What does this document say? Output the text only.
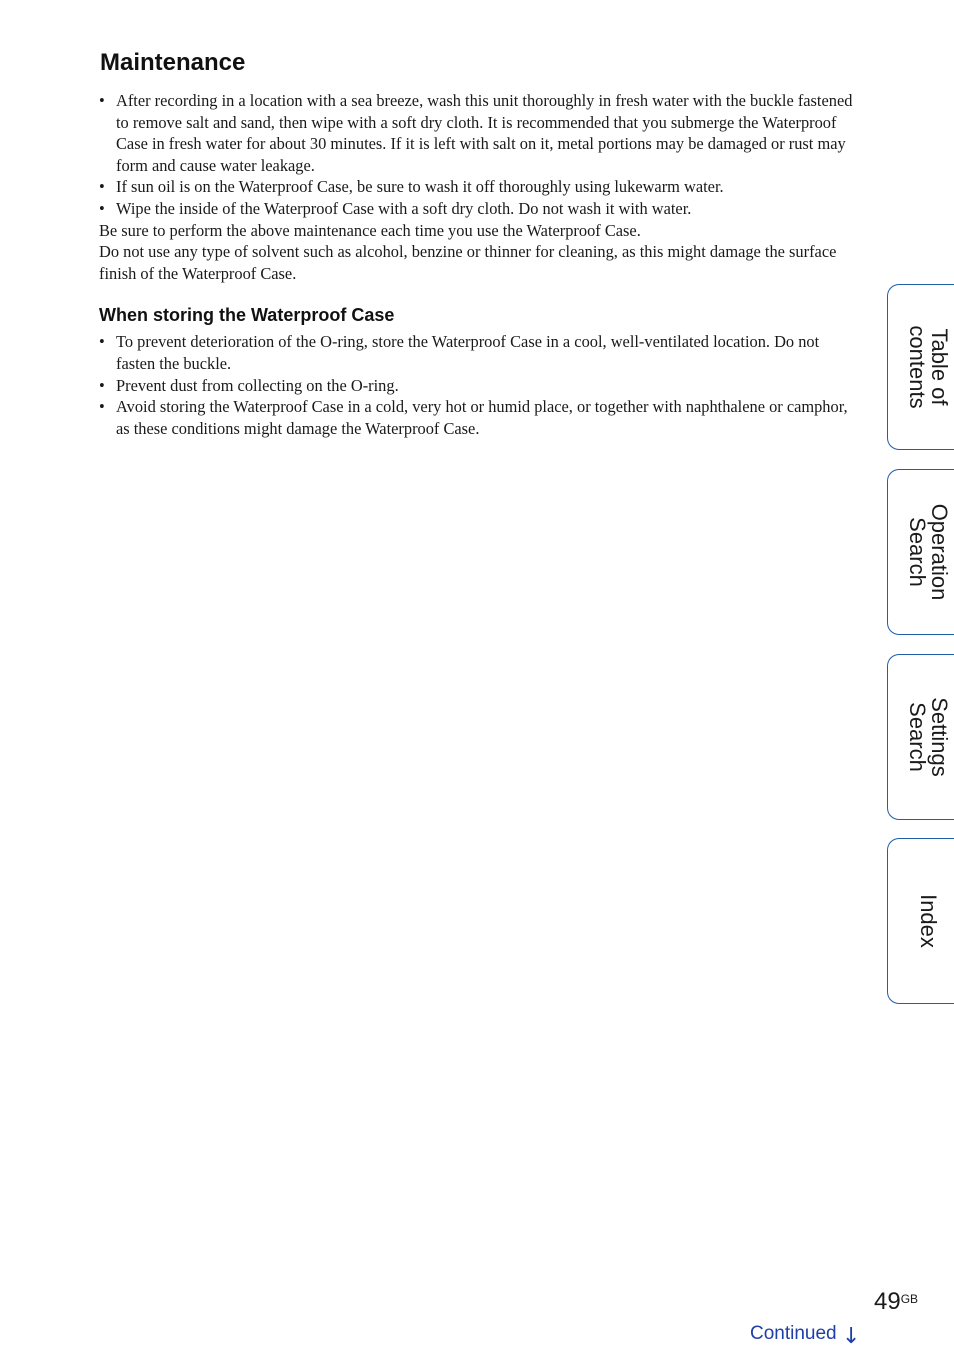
Maintenance
• After recording in a location with a sea breeze, wash this unit thoroughly in fresh water with the buckle fastened to remove salt and sand, then wipe with a soft dry cloth. It is recommended that you submerge the Waterproof Case in fresh water for about 30 minutes. If it is left with salt on it, metal portions may be damaged or rust may form and cause water leakage.
• If sun oil is on the Waterproof Case, be sure to wash it off thoroughly using lukewarm water.
• Wipe the inside of the Waterproof Case with a soft dry cloth. Do not wash it with water.

Be sure to perform the above maintenance each time you use the Waterproof Case.

Do not use any type of solvent such as alcohol, benzine or thinner for cleaning, as this might damage the surface finish of the Waterproof Case.

When storing the Waterproof Case
• To prevent deterioration of the O-ring, store the Waterproof Case in a cool, well-ventilated location. Do not fasten the buckle.
• Prevent dust from collecting on the O-ring.
• Avoid storing the Waterproof Case in a cold, very hot or humid place, or together with naphthalene or camphor, as these conditions might damage the Waterproof Case.
Table of
contents
Operation
Search
Settings
Search
Index
$49^{GB}$
Continued ↓
